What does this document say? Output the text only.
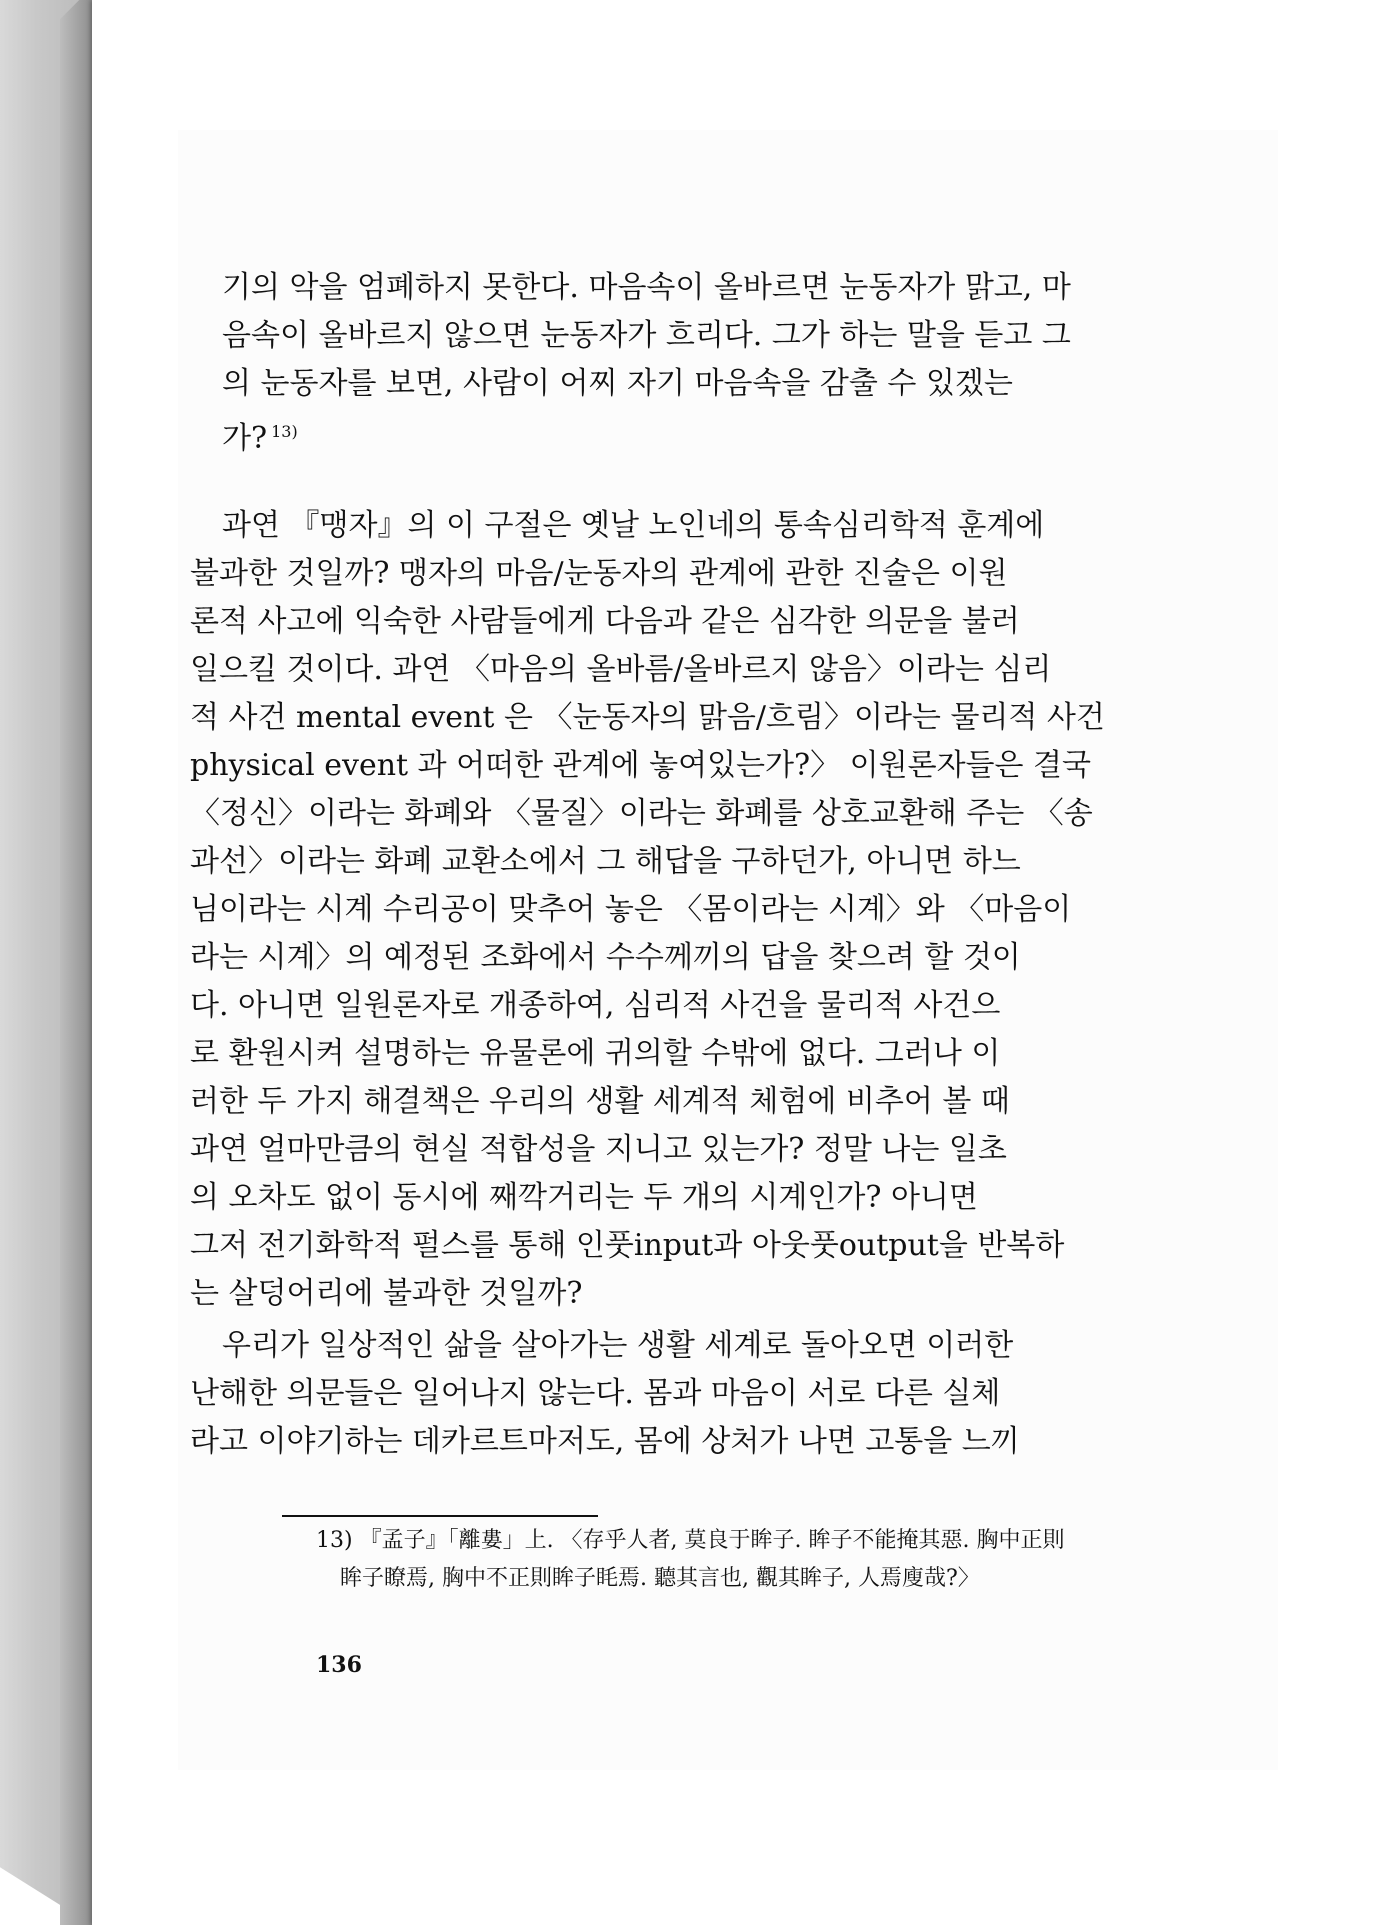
기의 악을 엄폐하지 못한다. 마음속이 올바르면 눈동자가 맑고, 마
음속이 올바르지 않으면 눈동자가 흐리다. 그가 하는 말을 듣고 그
의 눈동자를 보면, 사람이 어찌 자기 마음속을 감출 수 있겠는
가? $^{13)}$
과연 『맹자』의 이 구절은 옛날 노인네의 통속심리학적 훈계에
불과한 것일까? 맹자의 마음/눈동자의 관계에 관한 진술은 이원
론적 사고에 익숙한 사람들에게 다음과 같은 심각한 의문을 불러
일으킬 것이다. 과연 〈마음의 올바름/올바르지 않음〉이라는 심리
적 사건 mental event 은 〈눈동자의 맑음/흐림〉이라는 물리적 사건
physical event 과 어떠한 관계에 놓여있는가?〉 이원론자들은 결국
〈정신〉이라는 화폐와 〈물질〉이라는 화폐를 상호교환해 주는 〈송
과선〉이라는 화폐 교환소에서 그 해답을 구하던가, 아니면 하느
님이라는 시계 수리공이 맞추어 놓은 〈몸이라는 시계〉와 〈마음이
라는 시계〉의 예정된 조화에서 수수께끼의 답을 찾으려 할 것이
다. 아니면 일원론자로 개종하여, 심리적 사건을 물리적 사건으
로 환원시켜 설명하는 유물론에 귀의할 수밖에 없다. 그러나 이
러한 두 가지 해결책은 우리의 생활 세계적 체험에 비추어 볼 때
과연 얼마만큼의 현실 적합성을 지니고 있는가? 정말 나는 일초
의 오차도 없이 동시에 째깍거리는 두 개의 시계인가? 아니면
그저 전기화학적 펄스를 통해 인풋input과 아웃풋output을 반복하
는 살덩어리에 불과한 것일까?
우리가 일상적인 삶을 살아가는 생활 세계로 돌아오면 이러한
난해한 의문들은 일어나지 않는다. 몸과 마음이 서로 다른 실체
라고 이야기하는 데카르트마저도, 몸에 상처가 나면 고통을 느끼
13) 『孟子』「離婁」上. 〈存乎人者, 莫良于眸子. 眸子不能掩其惡. 胸中正則
眸子瞭焉, 胸中不正則眸子眊焉. 聽其言也, 觀其眸子, 人焉廋哉?〉
136
